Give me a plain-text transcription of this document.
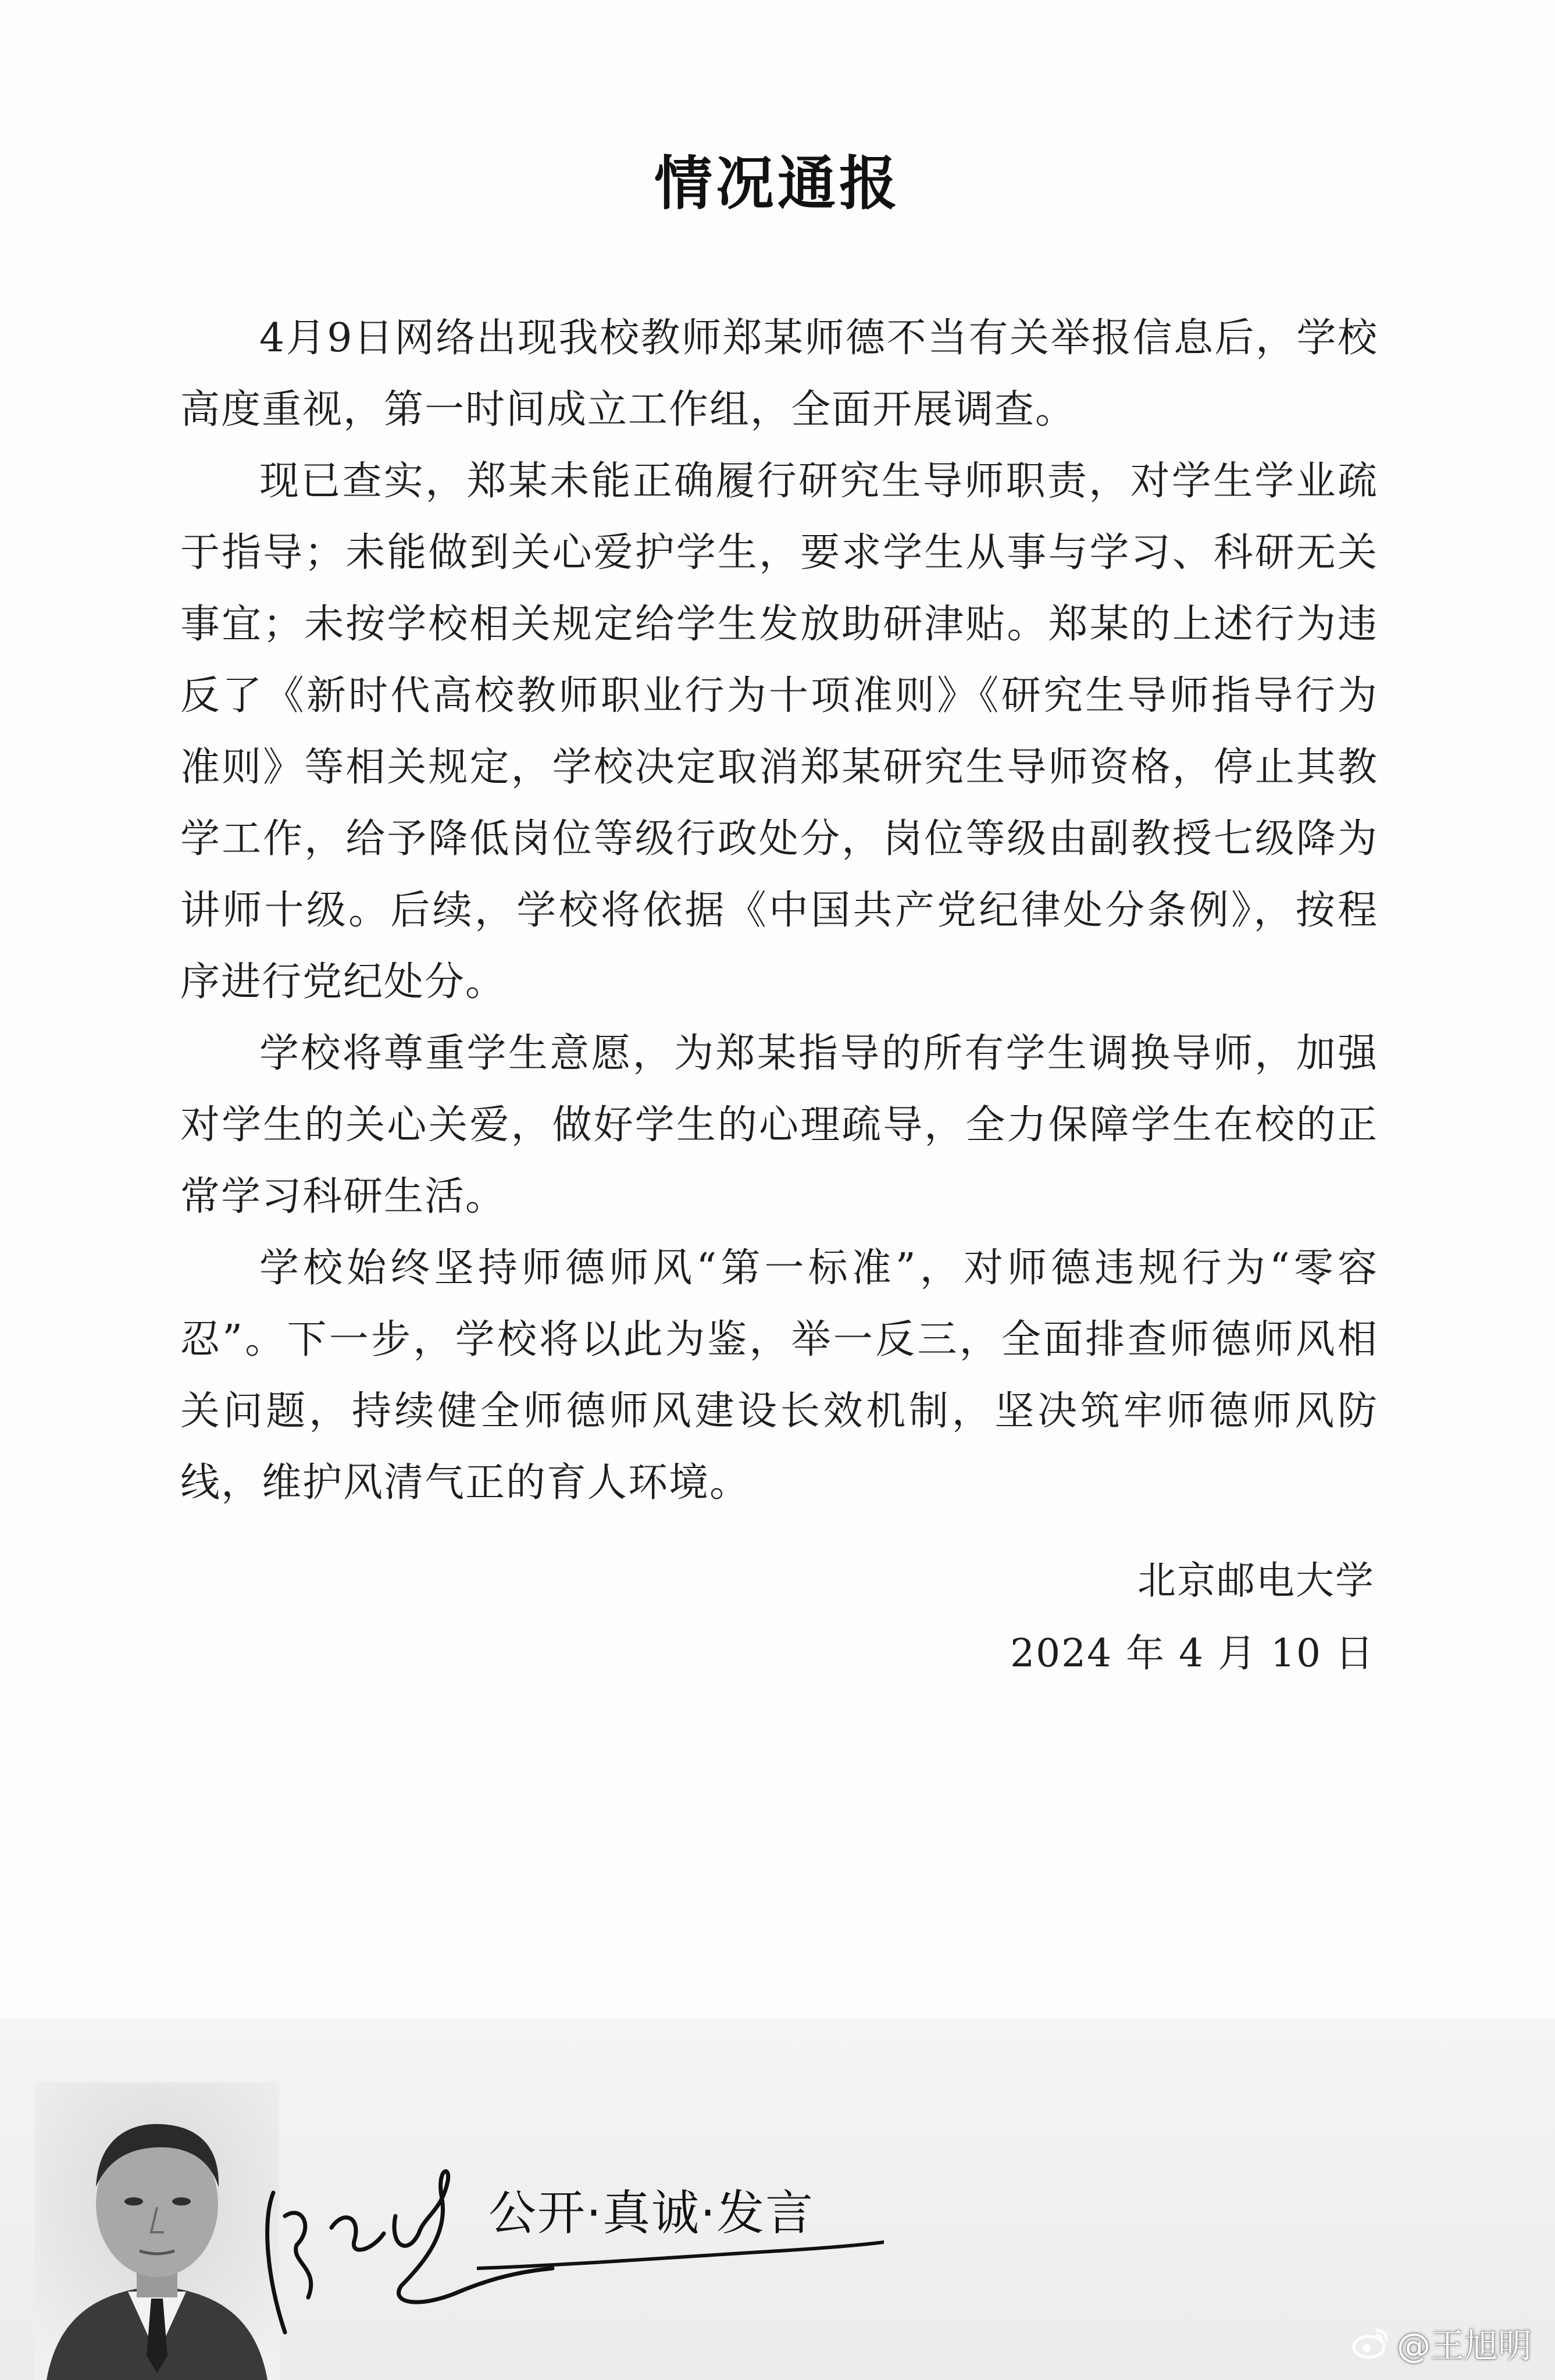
情况通报

4月9日网络出现我校教师郑某师德不当有关举报信息后，学校高度重视，第一时间成立工作组，全面开展调查。

现已查实，郑某未能正确履行研究生导师职责，对学生学业疏于指导；未能做到关心爱护学生，要求学生从事与学习、科研无关事宜；未按学校相关规定给学生发放助研津贴。郑某的上述行为违反了《新时代高校教师职业行为十项准则》《研究生导师指导行为准则》等相关规定，学校决定取消郑某研究生导师资格，停止其教学工作，给予降低岗位等级行政处分，岗位等级由副教授七级降为讲师十级。后续，学校将依据《中国共产党纪律处分条例》，按程序进行党纪处分。

学校将尊重学生意愿，为郑某指导的所有学生调换导师，加强对学生的关心关爱，做好学生的心理疏导，全力保障学生在校的正常学习科研生活。

学校始终坚持师德师风“第一标准”，对师德违规行为“零容忍”。下一步，学校将以此为鉴，举一反三，全面排查师德师风相关问题，持续健全师德师风建设长效机制，坚决筑牢师德师风防线，维护风清气正的育人环境。

北京邮电大学
2024 年 4 月 10 日
公开·真诚·发言
@王旭明
